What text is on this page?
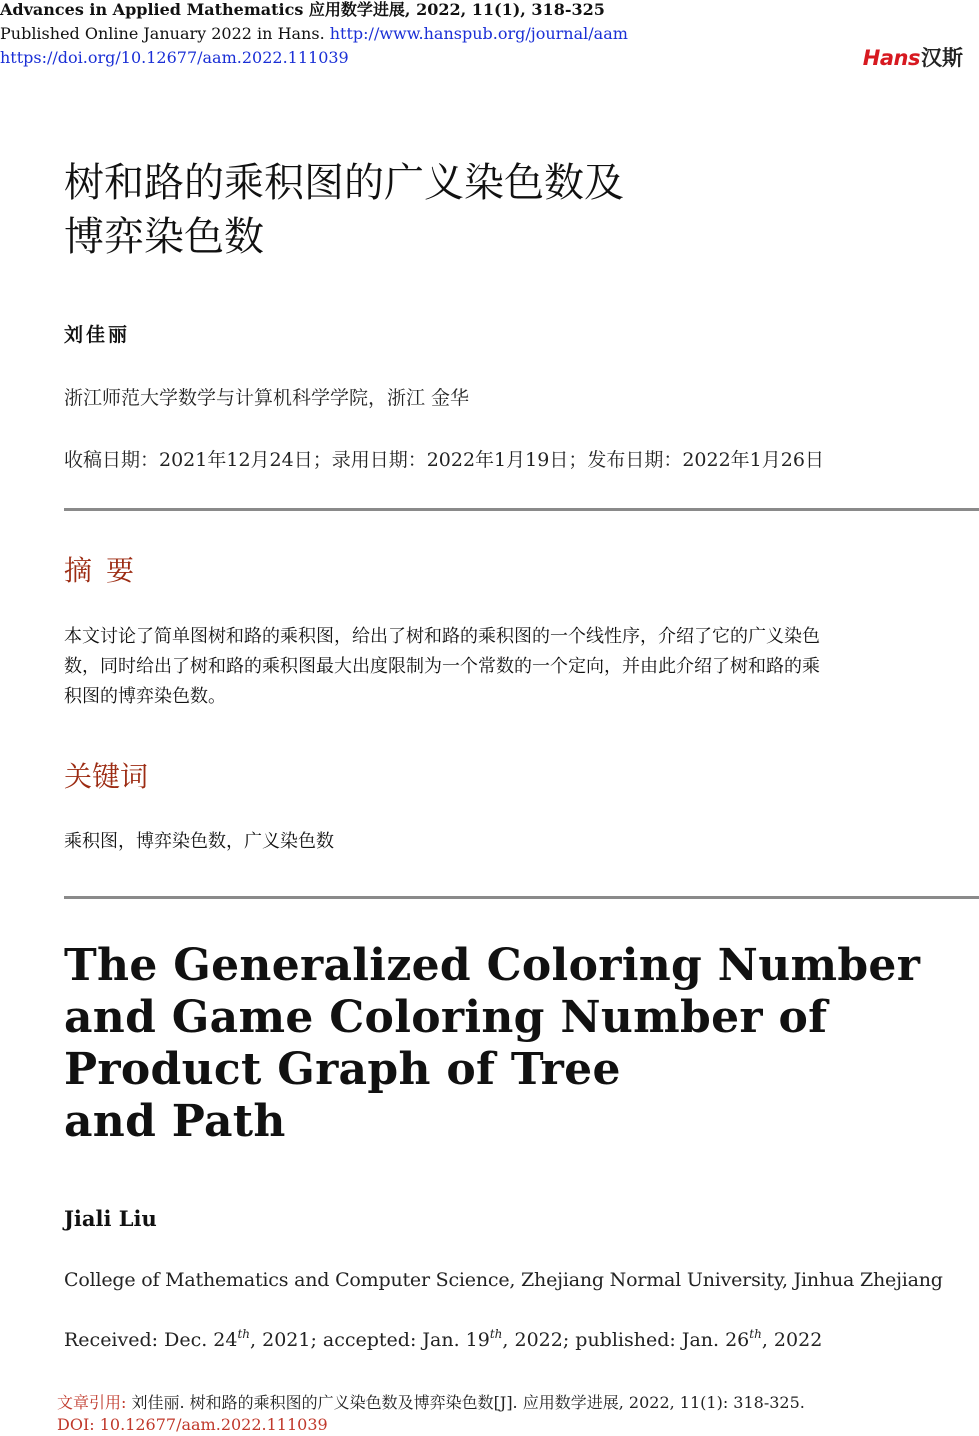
Advances in Applied Mathematics 应用数学进展, 2022, 11(1), 318-325
Published Online January 2022 in Hans. http://www.hanspub.org/journal/aam
https://doi.org/10.12677/aam.2022.111039	Hans 汉斯
树和路的乘积图的广义染色数及
博弈染色数
刘佳丽
浙江师范大学数学与计算机科学学院，浙江 金华
收稿日期：2021年12月24日；录用日期：2022年1月19日；发布日期：2022年1月26日
摘要
本文讨论了简单图树和路的乘积图，给出了树和路的乘积图的一个线性序，介绍了它的广义染色
数，同时给出了树和路的乘积图最大出度限制为一个常数的一个定向，并由此介绍了树和路的乘
积图的博弈染色数。
关键词
乘积图，博弈染色数，广义染色数
The Generalized Coloring Number
and Game Coloring Number of
Product Graph of Tree
and Path
Jiali Liu
College of Mathematics and Computer Science, Zhejiang Normal University, Jinhua Zhejiang
Received: Dec. 24th, 2021; accepted: Jan. 19th, 2022; published: Jan. 26th, 2022
文章引用: 刘佳丽. 树和路的乘积图的广义染色数及博弈染色数[J]. 应用数学进展, 2022, 11(1): 318-325.
DOI: 10.12677/aam.2022.111039
